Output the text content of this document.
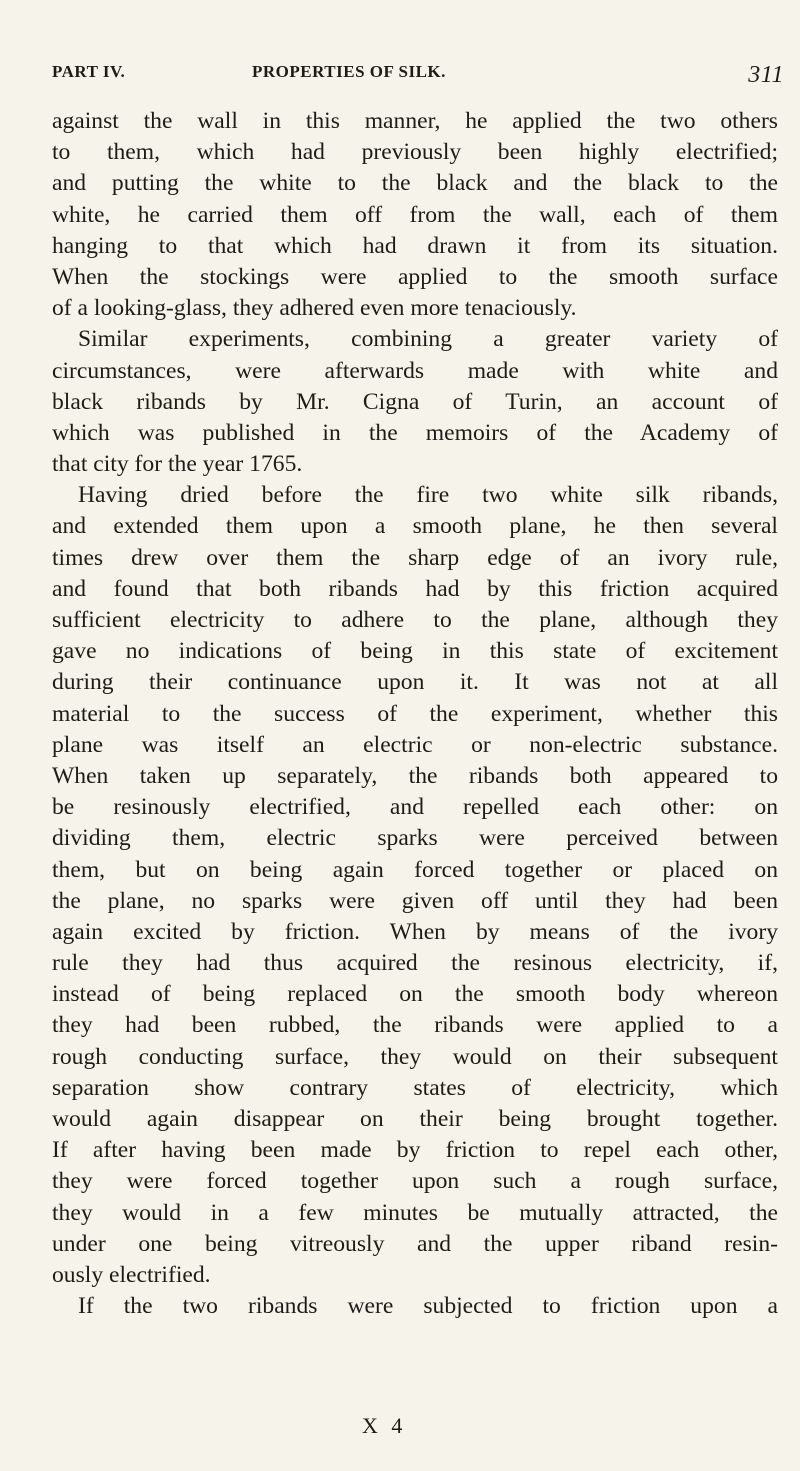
PART IV.	PROPERTIES OF SILK.	311
against the wall in this manner, he applied the two others
to them, which had previously been highly electrified;
and putting the white to the black and the black to the
white, he carried them off from the wall, each of them
hanging to that which had drawn it from its situation.
When the stockings were applied to the smooth surface
of a looking-glass, they adhered even more tenaciously.
Similar experiments, combining a greater variety of
circumstances, were afterwards made with white and
black ribands by Mr. Cigna of Turin, an account of
which was published in the memoirs of the Academy of
that city for the year 1765.
Having dried before the fire two white silk ribands,
and extended them upon a smooth plane, he then several
times drew over them the sharp edge of an ivory rule,
and found that both ribands had by this friction acquired
sufficient electricity to adhere to the plane, although they
gave no indications of being in this state of excitement
during their continuance upon it. It was not at all
material to the success of the experiment, whether this
plane was itself an electric or non-electric substance.
When taken up separately, the ribands both appeared to
be resinously electrified, and repelled each other: on
dividing them, electric sparks were perceived between
them, but on being again forced together or placed on
the plane, no sparks were given off until they had been
again excited by friction. When by means of the ivory
rule they had thus acquired the resinous electricity, if,
instead of being replaced on the smooth body whereon
they had been rubbed, the ribands were applied to a
rough conducting surface, they would on their subsequent
separation show contrary states of electricity, which
would again disappear on their being brought together.
If after having been made by friction to repel each other,
they were forced together upon such a rough surface,
they would in a few minutes be mutually attracted, the
under one being vitreously and the upper riband resin-
ously electrified.
If the two ribands were subjected to friction upon a
X 4
